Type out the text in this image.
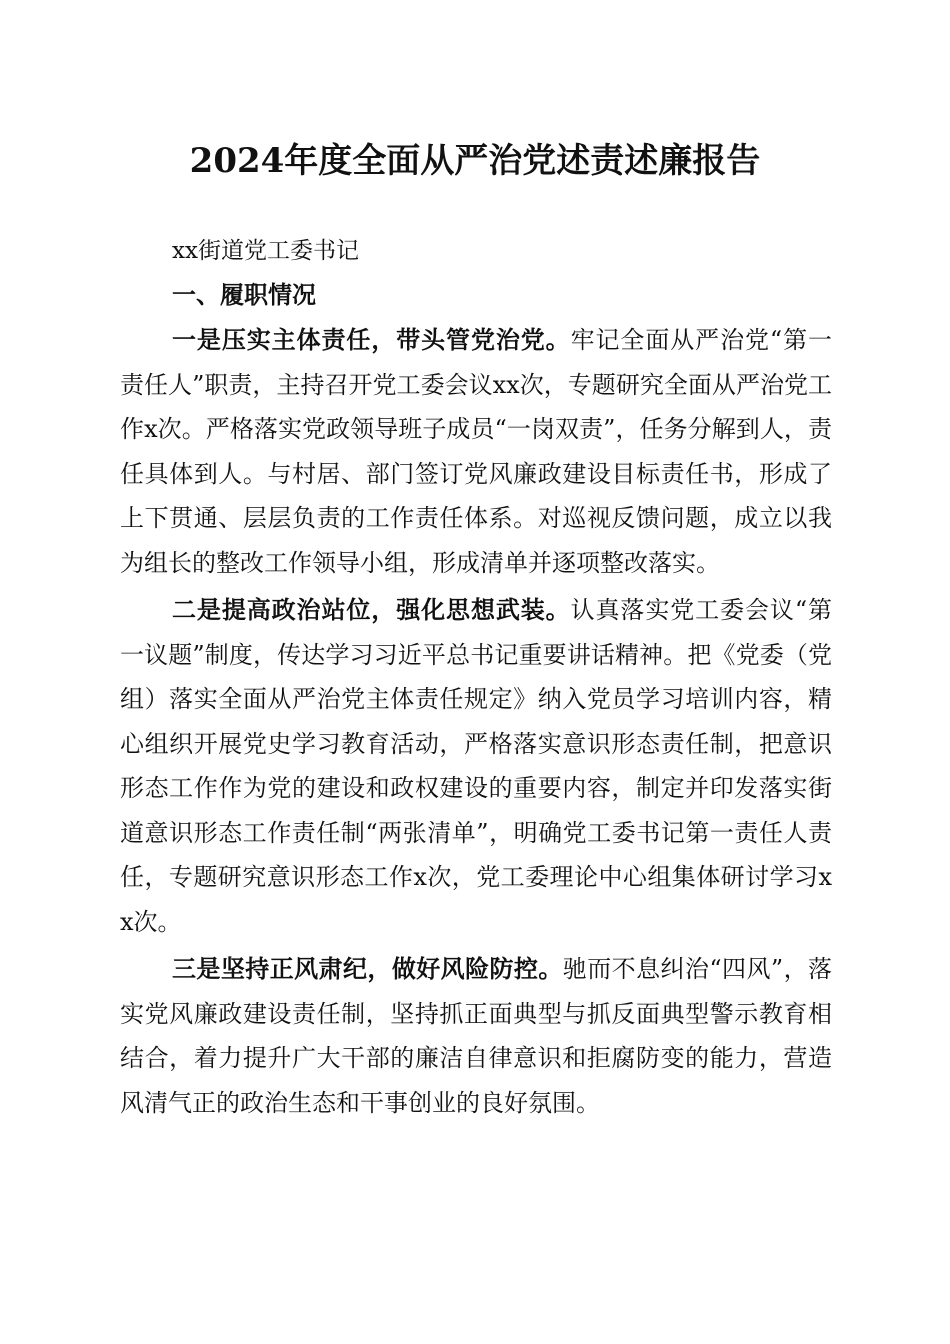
2024年度全面从严治党述责述廉报告

xx街道党工委书记

一、履职情况

一是压实主体责任，带头管党治党。牢记全面从严治党“第一责任人”职责，主持召开党工委会议xx次，专题研究全面从严治党工作x次。严格落实党政领导班子成员“一岗双责”，任务分解到人，责任具体到人。与村居、部门签订党风廉政建设目标责任书，形成了上下贯通、层层负责的工作责任体系。对巡视反馈问题，成立以我为组长的整改工作领导小组，形成清单并逐项整改落实。

二是提高政治站位，强化思想武装。认真落实党工委会议“第一议题”制度，传达学习习近平总书记重要讲话精神。把《党委（党组）落实全面从严治党主体责任规定》纳入党员学习培训内容，精心组织开展党史学习教育活动，严格落实意识形态责任制，把意识形态工作作为党的建设和政权建设的重要内容，制定并印发落实街道意识形态工作责任制“两张清单”，明确党工委书记第一责任人责任，专题研究意识形态工作x次，党工委理论中心组集体研讨学习xx次。

三是坚持正风肃纪，做好风险防控。驰而不息纠治“四风”，落实党风廉政建设责任制，坚持抓正面典型与抓反面典型警示教育相结合，着力提升广大干部的廉洁自律意识和拒腐防变的能力，营造风清气正的政治生态和干事创业的良好氛围。
